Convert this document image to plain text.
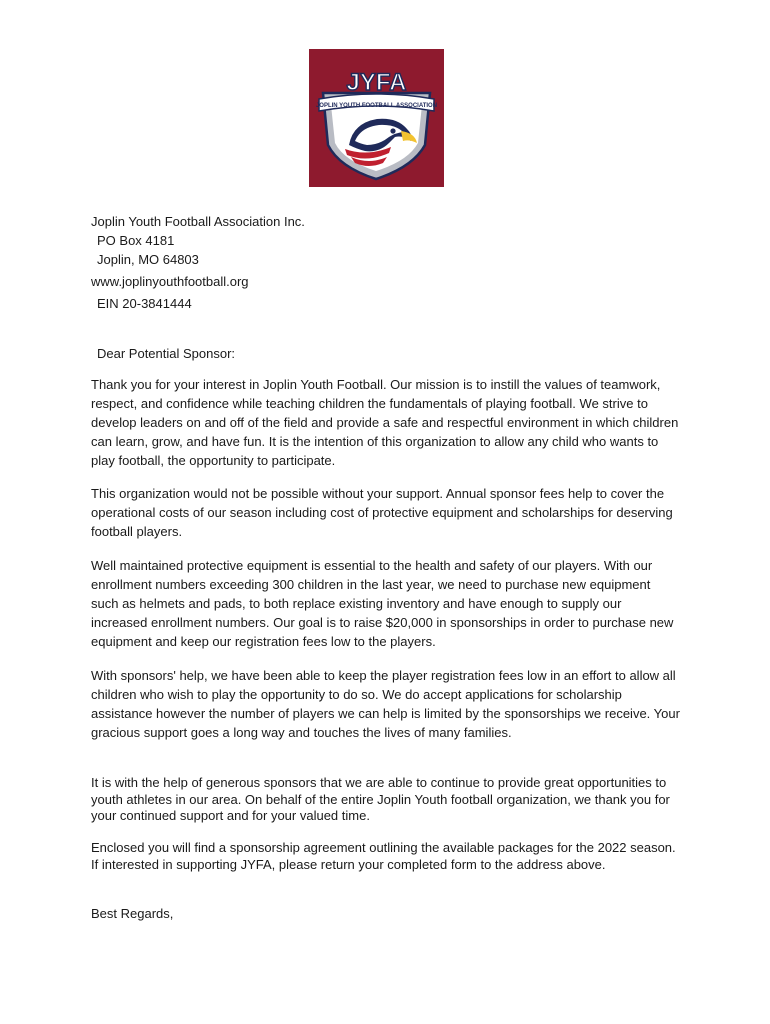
JOPLIN YOUTH FOOTBALL ASSOCIATION
JYFA

Joplin Youth Football Association Inc.

PO Box 4181

Joplin, MO 64803

www.joplinyouthfootball.org

EIN 20-3841444

Dear Potential Sponsor:

Thank you for your interest in Joplin Youth Football. Our mission is to instill the values of teamwork, respect, and confidence while teaching children the fundamentals of playing football. We strive to develop leaders on and off of the field and provide a safe and respectful environment in which children can learn, grow, and have fun. It is the intention of this organization to allow any child who wants to play football, the opportunity to participate.

This organization would not be possible without your support. Annual sponsor fees help to cover the operational costs of our season including cost of protective equipment and scholarships for deserving football players.

Well maintained protective equipment is essential to the health and safety of our players. With our enrollment numbers exceeding 300 children in the last year, we need to purchase new equipment such as helmets and pads, to both replace existing inventory and have enough to supply our increased enrollment numbers. Our goal is to raise $20,000 in sponsorships in order to purchase new equipment and keep our registration fees low to the players.

With sponsors' help, we have been able to keep the player registration fees low in an effort to allow all children who wish to play the opportunity to do so. We do accept applications for scholarship assistance however the number of players we can help is limited by the sponsorships we receive. Your gracious support goes a long way and touches the lives of many families.

It is with the help of generous sponsors that we are able to continue to provide great opportunities to youth athletes in our area. On behalf of the entire Joplin Youth football organization, we thank you for your continued support and for your valued time.

Enclosed you will find a sponsorship agreement outlining the available packages for the 2022 season. If interested in supporting JYFA, please return your completed form to the address above.

Best Regards,
